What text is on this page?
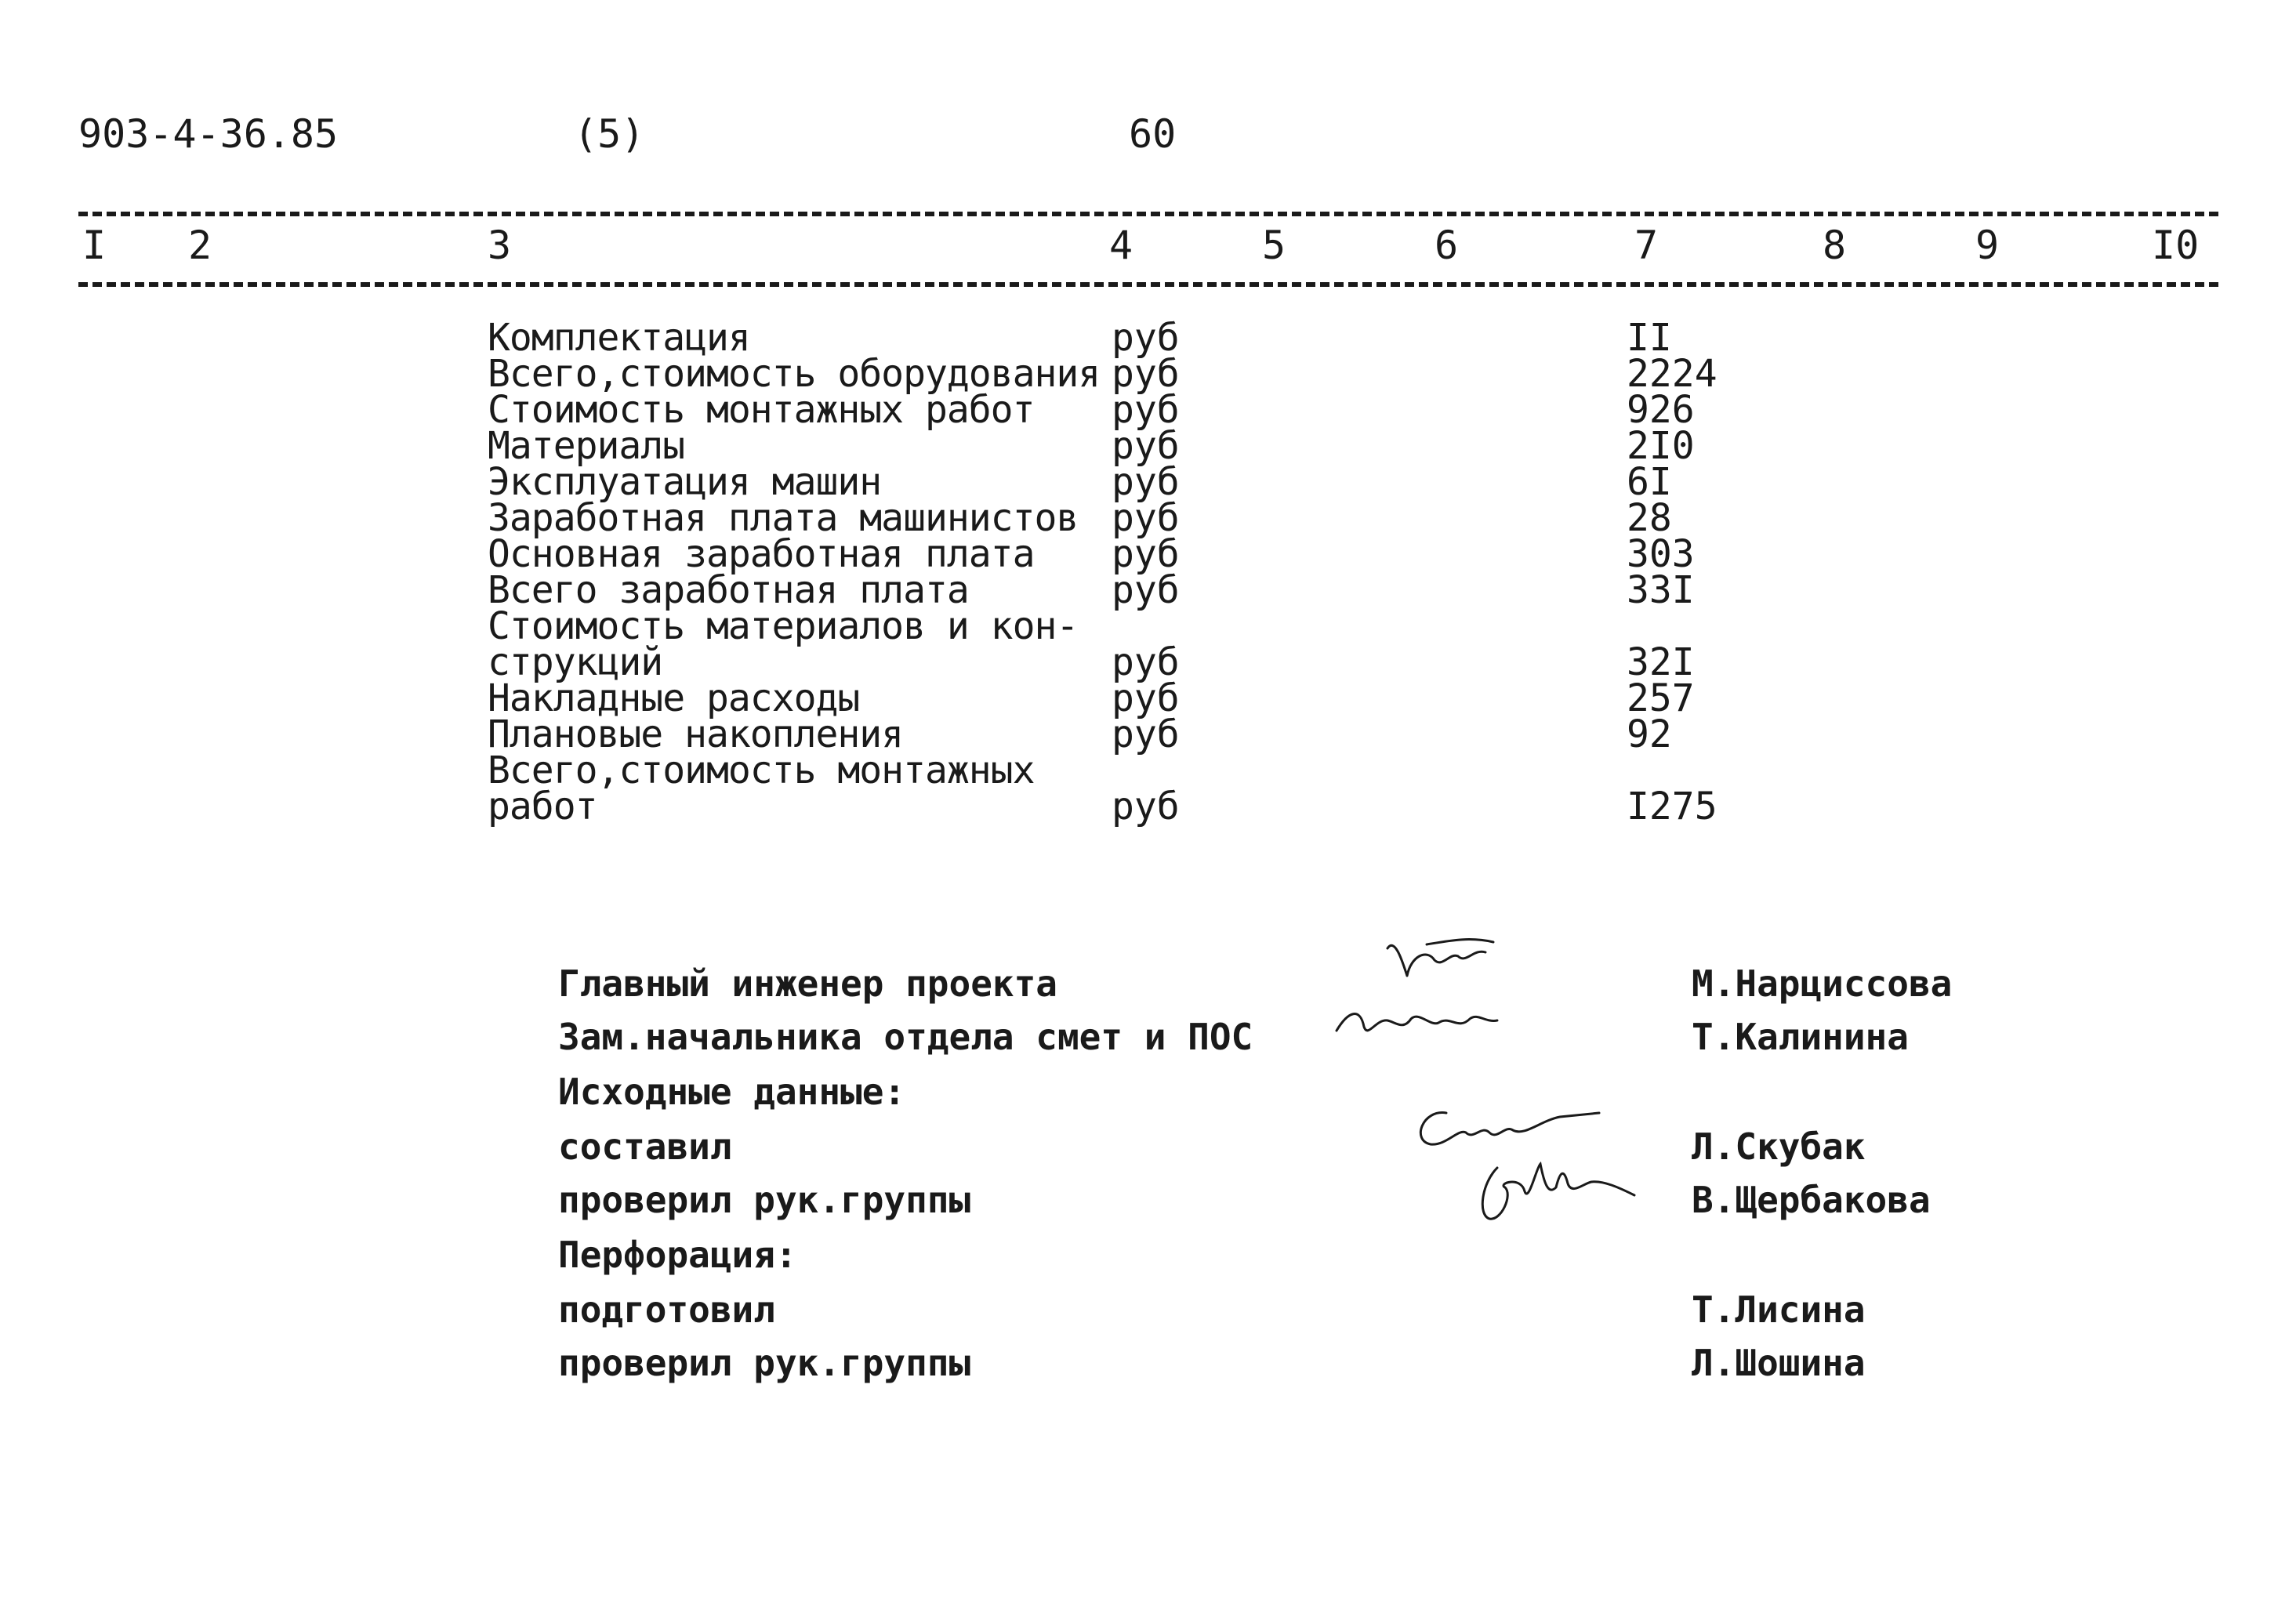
903-4-36.85	(5)	60
I 2	3	4	5	6	7	8	9	I0
Комплектация	руб	II
Всего,стоимость оборудования руб	2224
Стоимость монтажных работ руб	926
Материалы	руб	2I0
Эксплуатация машин	руб	6I
Заработная плата машинистов руб	28
Основная заработная плата руб	303
Всего заработная плата	руб	33I
Стоимость материалов и кон-
струкций	руб	32I
Накладные расходы	руб	257
Плановые накопления	руб	92
Всего,стоимость монтажных
работ	руб	I275
Главный инженер проекта	М.Нарциссова
Зам.начальника отдела смет и ПОС	Т.Калинина
Исходные данные:
составил	Л.Скубак
проверил рук.группы	В.Щербакова
Перфорация:
подготовил	Т.Лисина
проверил рук.группы	Л.Шошина
